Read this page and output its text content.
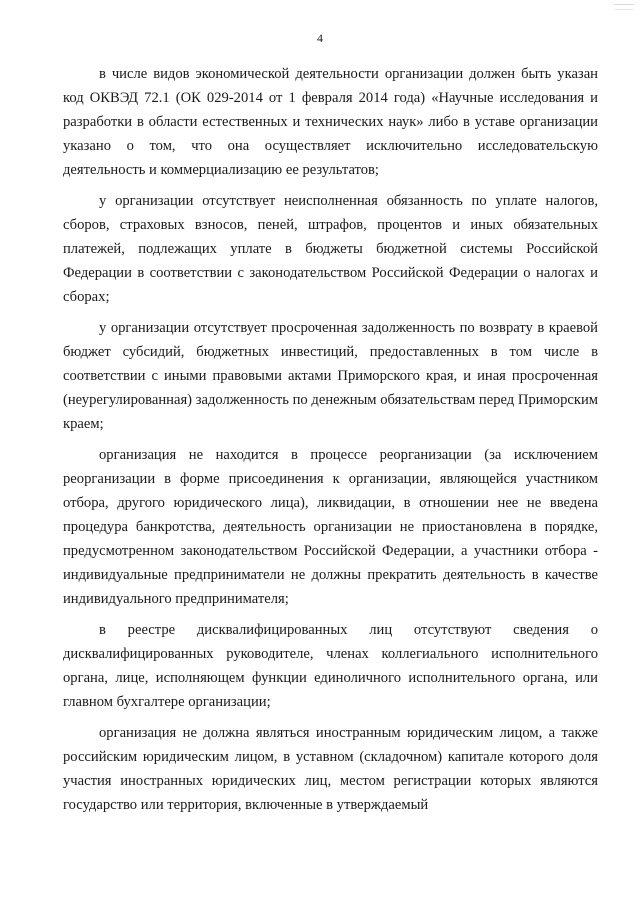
4

в числе видов экономической деятельности организации должен быть указан код ОКВЭД 72.1 (ОК 029-2014 от 1 февраля 2014 года) «Научные исследования и разработки в области естественных и технических наук» либо в уставе организации указано о том, что она осуществляет исключительно исследовательскую деятельность и коммерциализацию ее результатов;

у организации отсутствует неисполненная обязанность по уплате налогов, сборов, страховых взносов, пеней, штрафов, процентов и иных обязательных платежей, подлежащих уплате в бюджеты бюджетной системы Российской Федерации в соответствии с законодательством Российской Федерации о налогах и сборах;

у организации отсутствует просроченная задолженность по возврату в краевой бюджет субсидий, бюджетных инвестиций, предоставленных в том числе в соответствии с иными правовыми актами Приморского края, и иная просроченная (неурегулированная) задолженность по денежным обязательствам перед Приморским краем;

организация не находится в процессе реорганизации (за исключением реорганизации в форме присоединения к организации, являющейся участником отбора, другого юридического лица), ликвидации, в отношении нее не введена процедура банкротства, деятельность организации не приостановлена в порядке, предусмотренном законодательством Российской Федерации, а участники отбора - индивидуальные предприниматели не должны прекратить деятельность в качестве индивидуального предпринимателя;

в реестре дисквалифицированных лиц отсутствуют сведения о дисквалифицированных руководителе, членах коллегиального исполнительного органа, лице, исполняющем функции единоличного исполнительного органа, или главном бухгалтере организации;

организация не должна являться иностранным юридическим лицом, а также российским юридическим лицом, в уставном (складочном) капитале которого доля участия иностранных юридических лиц, местом регистрации которых являются государство или территория, включенные в утверждаемый
